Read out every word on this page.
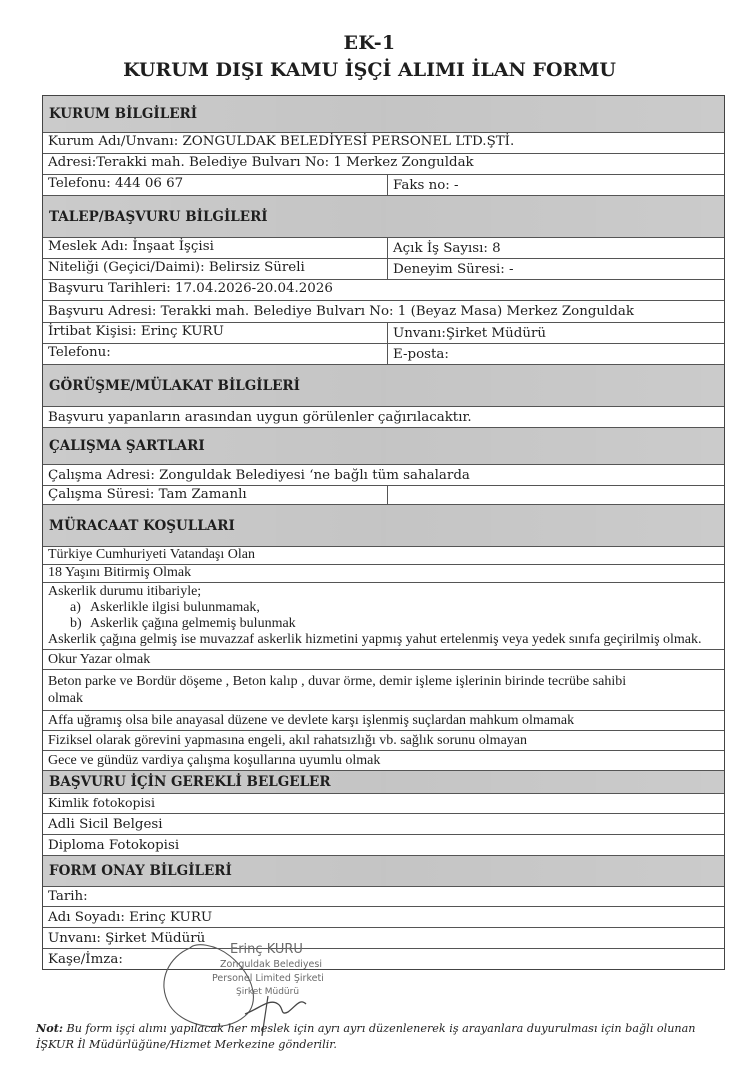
EK-1
KURUM DIŞI KAMU İŞÇİ ALIMI İLAN FORMU
KURUM BİLGİLERİ
Kurum Adı/Unvanı: ZONGULDAK BELEDİYESİ PERSONEL LTD.ŞTİ.
Adresi:Terakki mah. Belediye Bulvarı No: 1 Merkez Zonguldak
Telefonu: 444 06 67	Faks no: -
TALEP/BAŞVURU BİLGİLERİ
Meslek Adı: İnşaat İşçisi	Açık İş Sayısı: 8
Niteliği (Geçici/Daimi): Belirsiz Süreli	Deneyim Süresi: -
Başvuru Tarihleri: 17.04.2026-20.04.2026
Başvuru Adresi: Terakki mah. Belediye Bulvarı No: 1 (Beyaz Masa) Merkez Zonguldak
İrtibat Kişisi: Erinç KURU	Unvanı:Şirket Müdürü
Telefonu:	E-posta:
GÖRÜŞME/MÜLAKAT BİLGİLERİ
Başvuru yapanların arasından uygun görülenler çağırılacaktır.
ÇALIŞMA ŞARTLARI
Çalışma Adresi: Zonguldak Belediyesi ‘ne bağlı tüm sahalarda
Çalışma Süresi: Tam Zamanlı
MÜRACAAT KOŞULLARI
Türkiye Cumhuriyeti Vatandaşı Olan
18 Yaşını Bitirmiş Olmak
Askerlik durumu itibariyle;
a) Askerlikle ilgisi bulunmamak,
b) Askerlik çağına gelmemiş bulunmak
Askerlik çağına gelmiş ise muvazzaf askerlik hizmetini yapmış yahut ertelenmiş veya yedek sınıfa geçirilmiş olmak.
Okur Yazar olmak
Beton parke ve Bordür döşeme , Beton kalıp , duvar örme, demir işleme işlerinin birinde tecrübe sahibi olmak
Affa uğramış olsa bile anayasal düzene ve devlete karşı işlenmiş suçlardan mahkum olmamak
Fiziksel olarak görevini yapmasına engeli, akıl rahatsızlığı vb. sağlık sorunu olmayan
Gece ve gündüz vardiya çalışma koşullarına uyumlu olmak
BAŞVURU İÇİN GEREKLİ BELGELER
Kimlik fotokopisi
Adli Sicil Belgesi
Diploma Fotokopisi
FORM ONAY BİLGİLERİ
Tarih:
Adı Soyadı: Erinç KURU
Unvanı: Şirket Müdürü
Kaşe/İmza:
Erinç KURU
Zonguldak Belediyesi
Personel Limited Şirketi
Şirket Müdürü
Not: Bu form işçi alımı yapılacak her meslek için ayrı ayrı düzenlenerek iş arayanlara duyurulması için bağlı olunan İŞKUR İl Müdürlüğüne/Hizmet Merkezine gönderilir.
